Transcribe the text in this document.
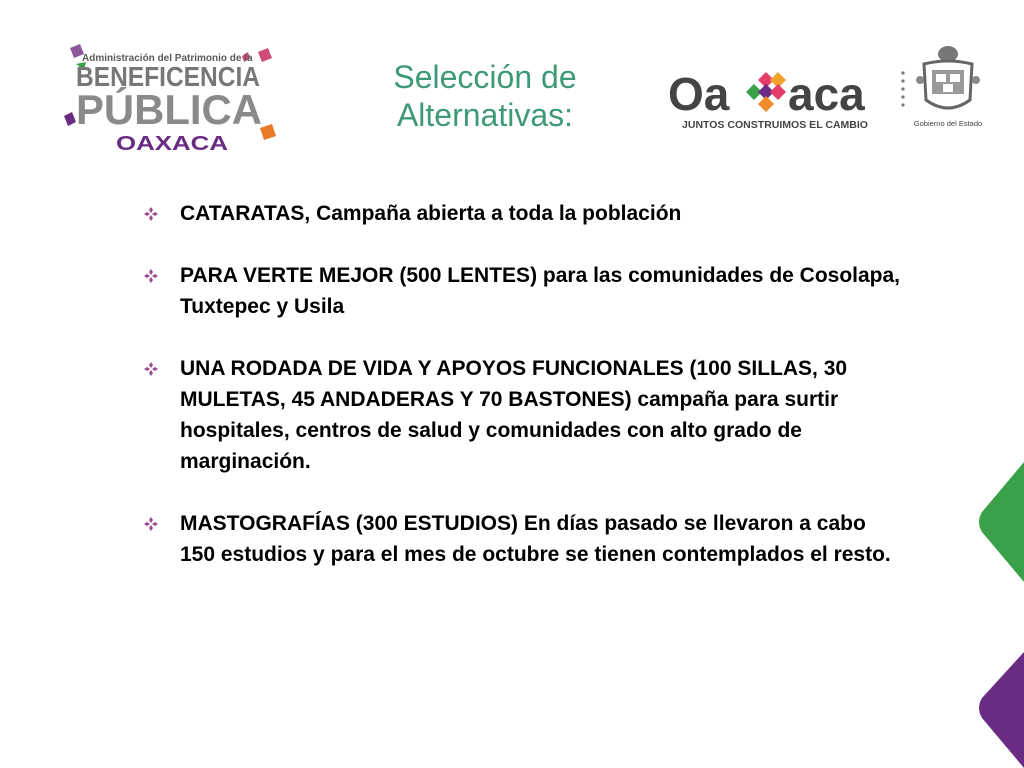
Administración del Patrimonio de la
BENEFICENCIA
PÚBLICA
OAXACA
Selección de
Alternativas:	Oa aca
JUNTOS CONSTRUIMOS EL CAMBIO	Gobierno del Estado
CATARATAS, Campaña abierta a toda la población
PARA VERTE MEJOR (500 LENTES) para las comunidades de Cosolapa, Tuxtepec y Usila
UNA RODADA DE VIDA Y APOYOS FUNCIONALES (100 SILLAS, 30 MULETAS, 45 ANDADERAS Y 70 BASTONES) campaña para surtir hospitales, centros de salud y comunidades con alto grado de marginación.
MASTOGRAFÍAS (300 ESTUDIOS) En días pasado se llevaron a cabo 150 estudios y para el mes de octubre se tienen contemplados el resto.
